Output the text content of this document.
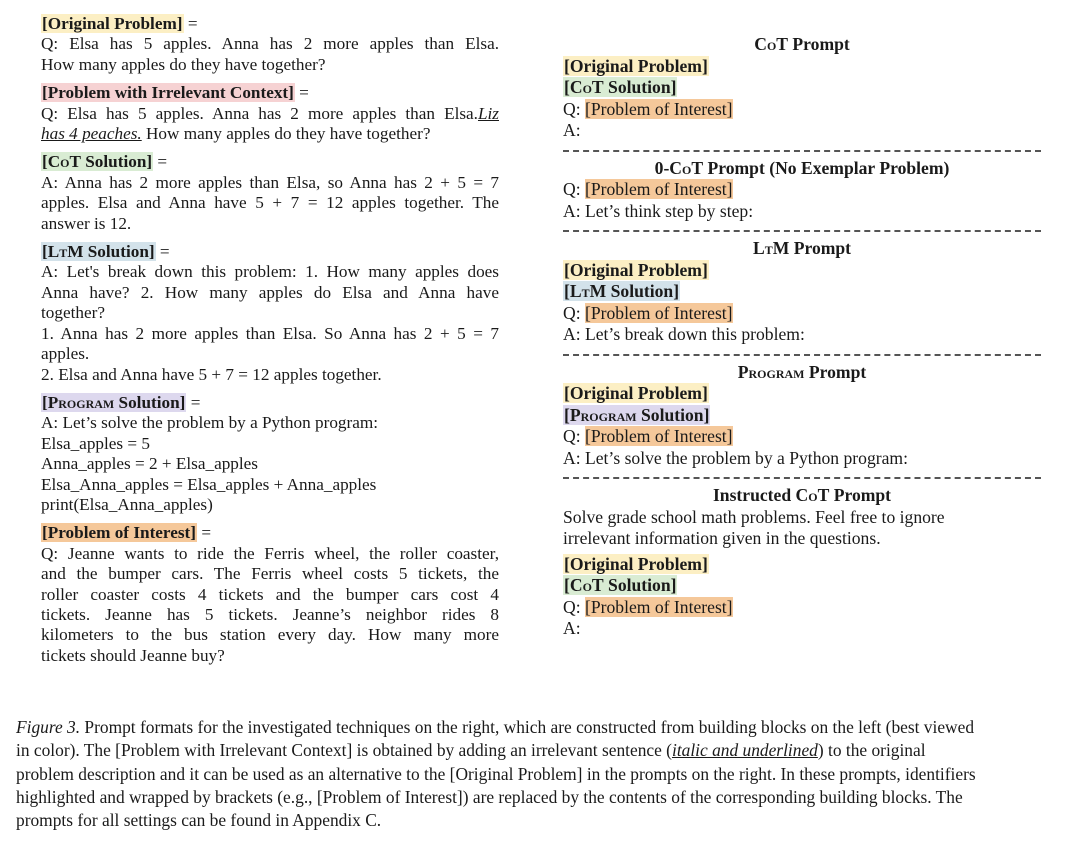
[Original Problem] =
Q: Elsa has 5 apples. Anna has 2 more apples than Elsa.
How many apples do they have together?
[Problem with Irrelevant Context] =
Q: Elsa has 5 apples. Anna has 2 more apples than Elsa.Liz
has 4 peaches. How many apples do they have together?
[CoT Solution] =
A: Anna has 2 more apples than Elsa, so Anna has 2 + 5 = 7
apples. Elsa and Anna have 5 + 7 = 12 apples together. The
answer is 12.
[LtM Solution] =
A: Let's break down this problem: 1. How many apples does
Anna have? 2. How many apples do Elsa and Anna have
together?
1. Anna has 2 more apples than Elsa. So Anna has 2 + 5 = 7
apples.
2. Elsa and Anna have 5 + 7 = 12 apples together.
[Program Solution] =
A: Let’s solve the problem by a Python program:
Elsa_apples = 5
Anna_apples = 2 + Elsa_apples
Elsa_Anna_apples = Elsa_apples + Anna_apples
print(Elsa_Anna_apples)
[Problem of Interest] =
Q: Jeanne wants to ride the Ferris wheel, the roller coaster,
and the bumper cars. The Ferris wheel costs 5 tickets, the
roller coaster costs 4 tickets and the bumper cars cost 4
tickets. Jeanne has 5 tickets. Jeanne’s neighbor rides 8
kilometers to the bus station every day. How many more
tickets should Jeanne buy?
CoT Prompt
[Original Problem]
[CoT Solution]
Q: [Problem of Interest]
A:
0-CoT Prompt (No Exemplar Problem)
Q: [Problem of Interest]
A: Let’s think step by step:
LtM Prompt
[Original Problem]
[LtM Solution]
Q: [Problem of Interest]
A: Let’s break down this problem:
Program Prompt
[Original Problem]
[Program Solution]
Q: [Problem of Interest]
A: Let’s solve the problem by a Python program:
Instructed CoT Prompt
Solve grade school math problems. Feel free to ignore
irrelevant information given in the questions.
[Original Problem]
[CoT Solution]
Q: [Problem of Interest]
A:
Figure 3. Prompt formats for the investigated techniques on the right, which are constructed from building blocks on the left (best viewed
in color). The [Problem with Irrelevant Context] is obtained by adding an irrelevant sentence (italic and underlined) to the original
problem description and it can be used as an alternative to the [Original Problem] in the prompts on the right. In these prompts, identifiers
highlighted and wrapped by brackets (e.g., [Problem of Interest]) are replaced by the contents of the corresponding building blocks. The
prompts for all settings can be found in Appendix C.
